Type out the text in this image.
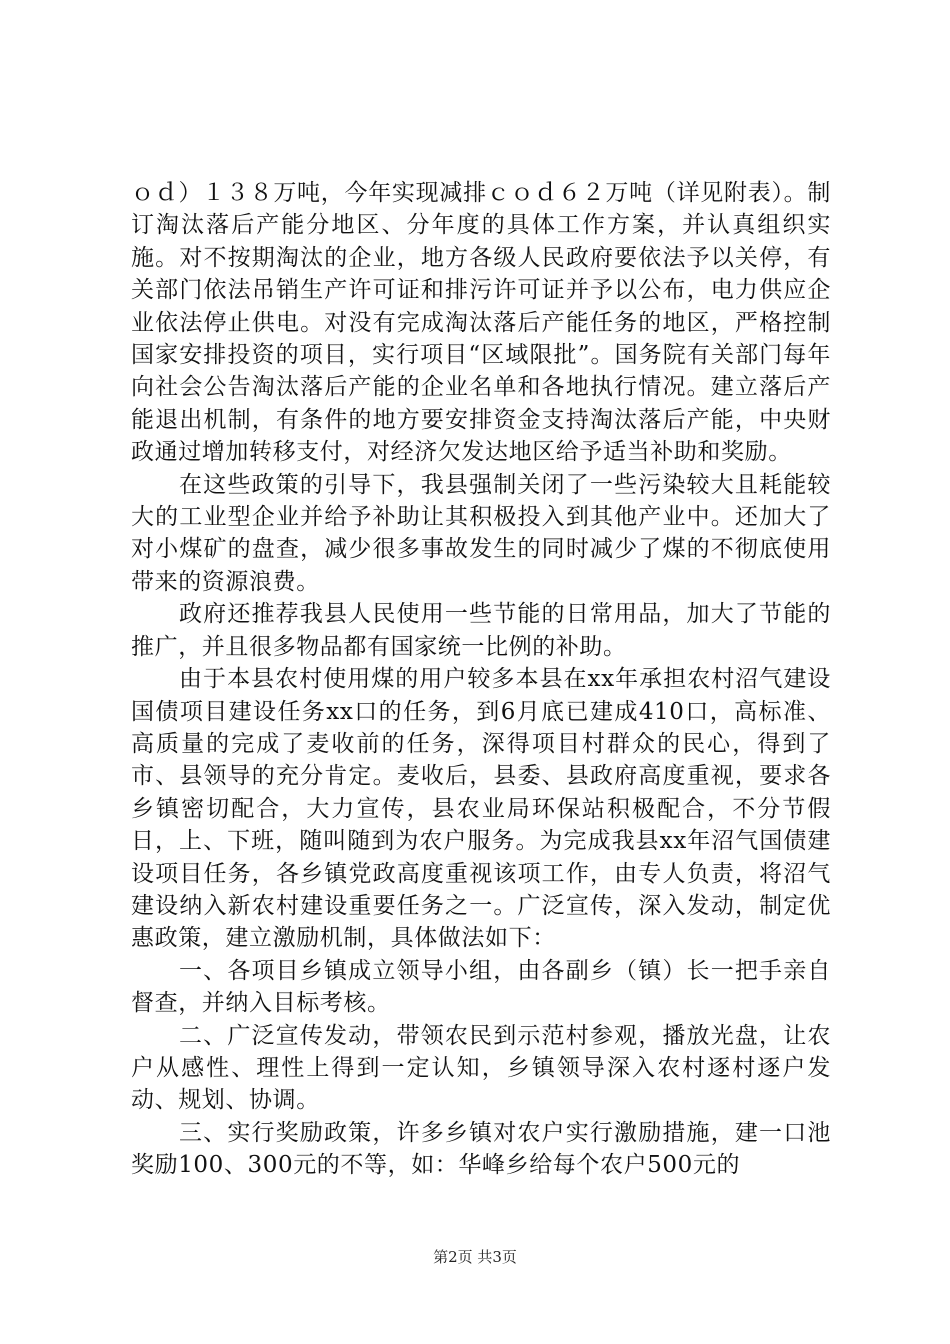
ｏｄ）１３８万吨，今年实现减排ｃｏｄ６２万吨（详见附表）。制订淘汰落后产能分地区、分年度的具体工作方案，并认真组织实施。对不按期淘汰的企业，地方各级人民政府要依法予以关停，有关部门依法吊销生产许可证和排污许可证并予以公布，电力供应企业依法停止供电。对没有完成淘汰落后产能任务的地区，严格控制国家安排投资的项目，实行项目“区域限批”。国务院有关部门每年向社会公告淘汰落后产能的企业名单和各地执行情况。建立落后产能退出机制，有条件的地方要安排资金支持淘汰落后产能，中央财政通过增加转移支付，对经济欠发达地区给予适当补助和奖励。

在这些政策的引导下，我县强制关闭了一些污染较大且耗能较大的工业型企业并给予补助让其积极投入到其他产业中。还加大了对小煤矿的盘查，减少很多事故发生的同时减少了煤的不彻底使用带来的资源浪费。

政府还推荐我县人民使用一些节能的日常用品，加大了节能的推广，并且很多物品都有国家统一比例的补助。

由于本县农村使用煤的用户较多本县在xx年承担农村沼气建设国债项目建设任务xx口的任务，到6月底已建成410口，高标准、高质量的完成了麦收前的任务，深得项目村群众的民心，得到了市、县领导的充分肯定。麦收后，县委、县政府高度重视，要求各乡镇密切配合，大力宣传，县农业局环保站积极配合，不分节假日，上、下班，随叫随到为农户服务。为完成我县xx年沼气国债建设项目任务，各乡镇党政高度重视该项工作，由专人负责，将沼气建设纳入新农村建设重要任务之一。广泛宣传，深入发动，制定优惠政策，建立激励机制，具体做法如下：

一、各项目乡镇成立领导小组，由各副乡（镇）长一把手亲自督查，并纳入目标考核。

二、广泛宣传发动，带领农民到示范村参观，播放光盘，让农户从感性、理性上得到一定认知，乡镇领导深入农村逐村逐户发动、规划、协调。

三、实行奖励政策，许多乡镇对农户实行激励措施，建一口池奖励100、300元的不等，如：华峰乡给每个农户500元的

第2页 共3页
